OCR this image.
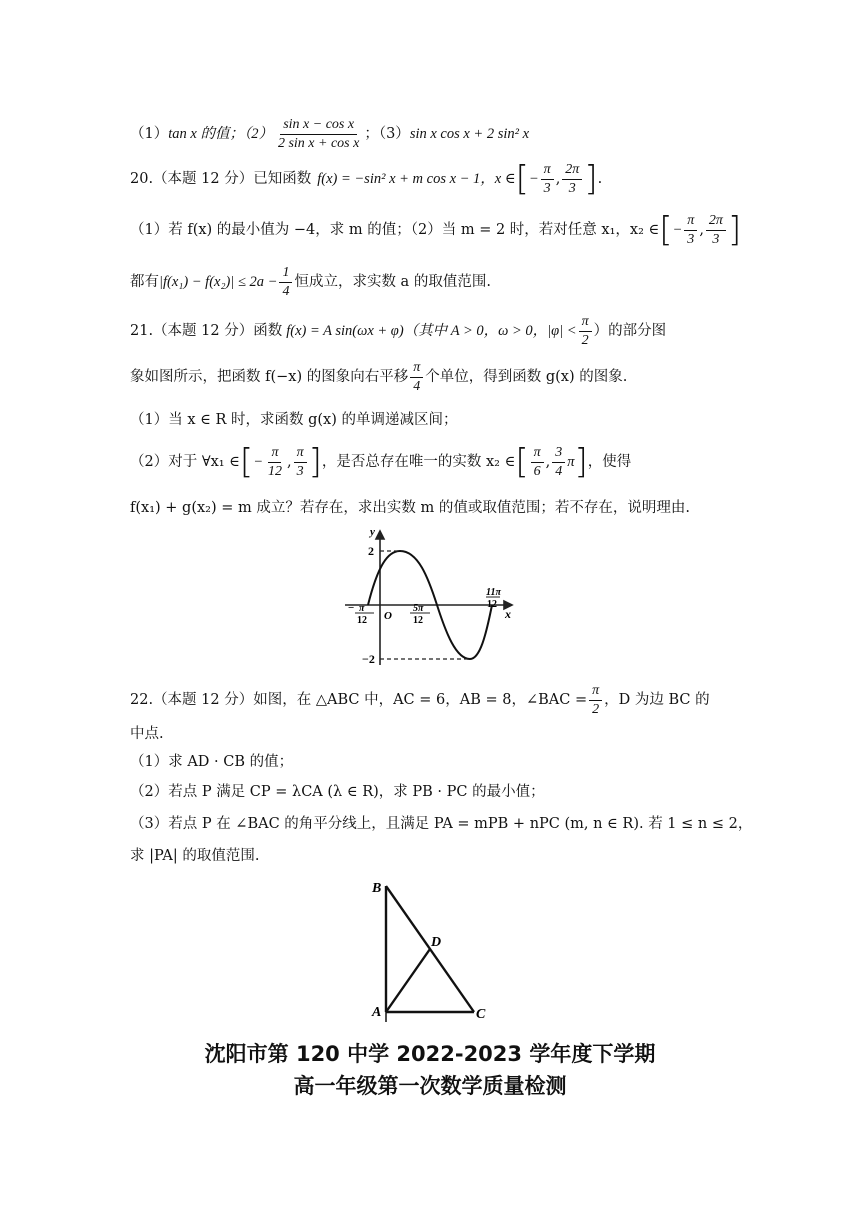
（1） tan x 的值；$(2) \frac{\text{sin x − cos x}}{\text{2 sin x + cos x}}$ ；（3） sin x cos x + 2 sin² x
20.（本题 12 分）已知函数 f(x) = −sin² x + m cos x − 1，x ∈ [ − $\frac{\pi}{3}$ , $\frac{2\pi}{3}$ ] .
（1）若 f(x) 的最小值为 −4，求 m 的值；（2）当 m = 2 时，若对任意 x₁，x₂ ∈ [ − $\frac{\pi}{3}$ , $\frac{2\pi}{3}$ ]
都有 $|f(x_1) - f(x_2)| \le 2a - \frac{1}{4}$ 恒成立，求实数 a 的取值范围.
21.（本题 12 分）函数 f(x) = A sin(ωx + φ)（其中 A > 0，ω > 0，$|\varphi| < \frac{\pi}{2}$ ）的部分图
象如图所示，把函数 f(−x) 的图象向右平移 $\frac{\pi}{4}$ 个单位，得到函数 g(x) 的图象.
（1）当 x ∈ R 时，求函数 g(x) 的单调递减区间；
（2）对于 ∀x₁ ∈ [ − $\frac{\pi}{12}$ , $\frac{\pi}{3}$ ] ，是否总存在唯一的实数 x₂ ∈ [ $\frac{\pi}{6}$ , $\frac{3}{4}$ π ] ，使得
f(x₁) + g(x₂) = m 成立？若存在，求出实数 m 的值或取值范围；若不存在，说明理由.
y
x
O
2
−2
− π
12
5π
12
11π
12
22.（本题 12 分）如图，在 △ABC 中，AC = 6，AB = 8，∠BAC = $\frac{\pi}{2}$ ，D 为边 BC 的
中点.
（1）求 AD · CB 的值；
（2）若点 P 满足 CP = λCA (λ ∈ R)，求 PB · PC 的最小值；
（3）若点 P 在 ∠BAC 的角平分线上，且满足 PA = mPB + nPC (m, n ∈ R). 若 1 ≤ n ≤ 2，
求 |PA| 的取值范围.
B
D
A	C
沈阳市第 120 中学 2022-2023 学年度下学期
高一年级第一次数学质量检测
